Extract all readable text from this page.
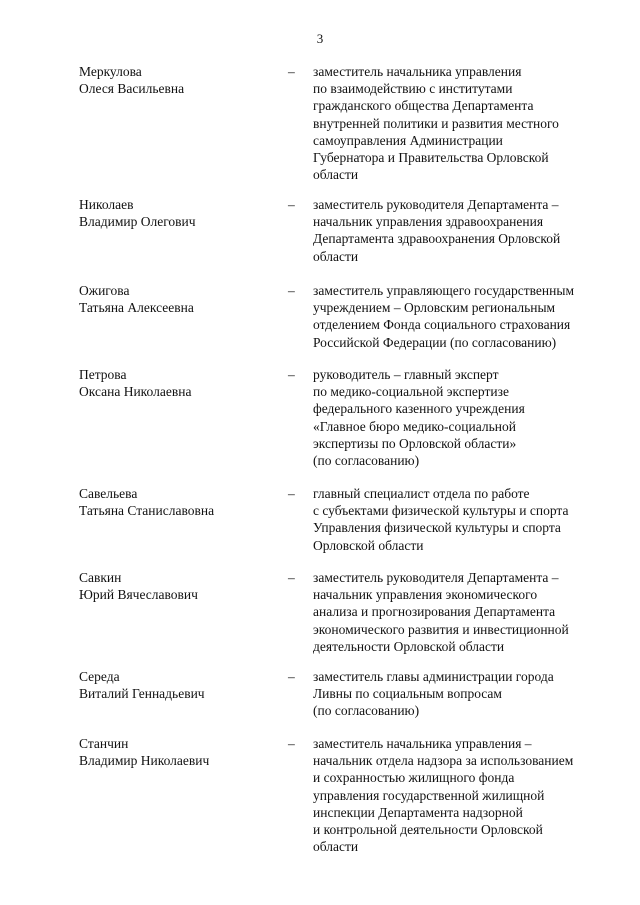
3
Меркулова
Олеся Васильевна
–	заместитель начальника управления
по взаимодействию с институтами
гражданского общества Департамента
внутренней политики и развития местного
самоуправления Администрации
Губернатора и Правительства Орловской
области
Николаев
Владимир Олегович
–	заместитель руководителя Департамента –
начальник управления здравоохранения
Департамента здравоохранения Орловской
области
Ожигова
Татьяна Алексеевна
–	заместитель управляющего государственным
учреждением – Орловским региональным
отделением Фонда социального страхования
Российской Федерации (по согласованию)
Петрова
Оксана Николаевна
–	руководитель – главный эксперт
по медико-социальной экспертизе
федерального казенного учреждения
«Главное бюро медико-социальной
экспертизы по Орловской области»
(по согласованию)
Савельева
Татьяна Станиславовна
–	главный специалист отдела по работе
с субъектами физической культуры и спорта
Управления физической культуры и спорта
Орловской области
Савкин
Юрий Вячеславович
–	заместитель руководителя Департамента –
начальник управления экономического
анализа и прогнозирования Департамента
экономического развития и инвестиционной
деятельности Орловской области
Середа
Виталий Геннадьевич
–	заместитель главы администрации города
Ливны по социальным вопросам
(по согласованию)
Станчин
Владимир Николаевич
–	заместитель начальника управления –
начальник отдела надзора за использованием
и сохранностью жилищного фонда
управления государственной жилищной
инспекции Департамента надзорной
и контрольной деятельности Орловской
области
